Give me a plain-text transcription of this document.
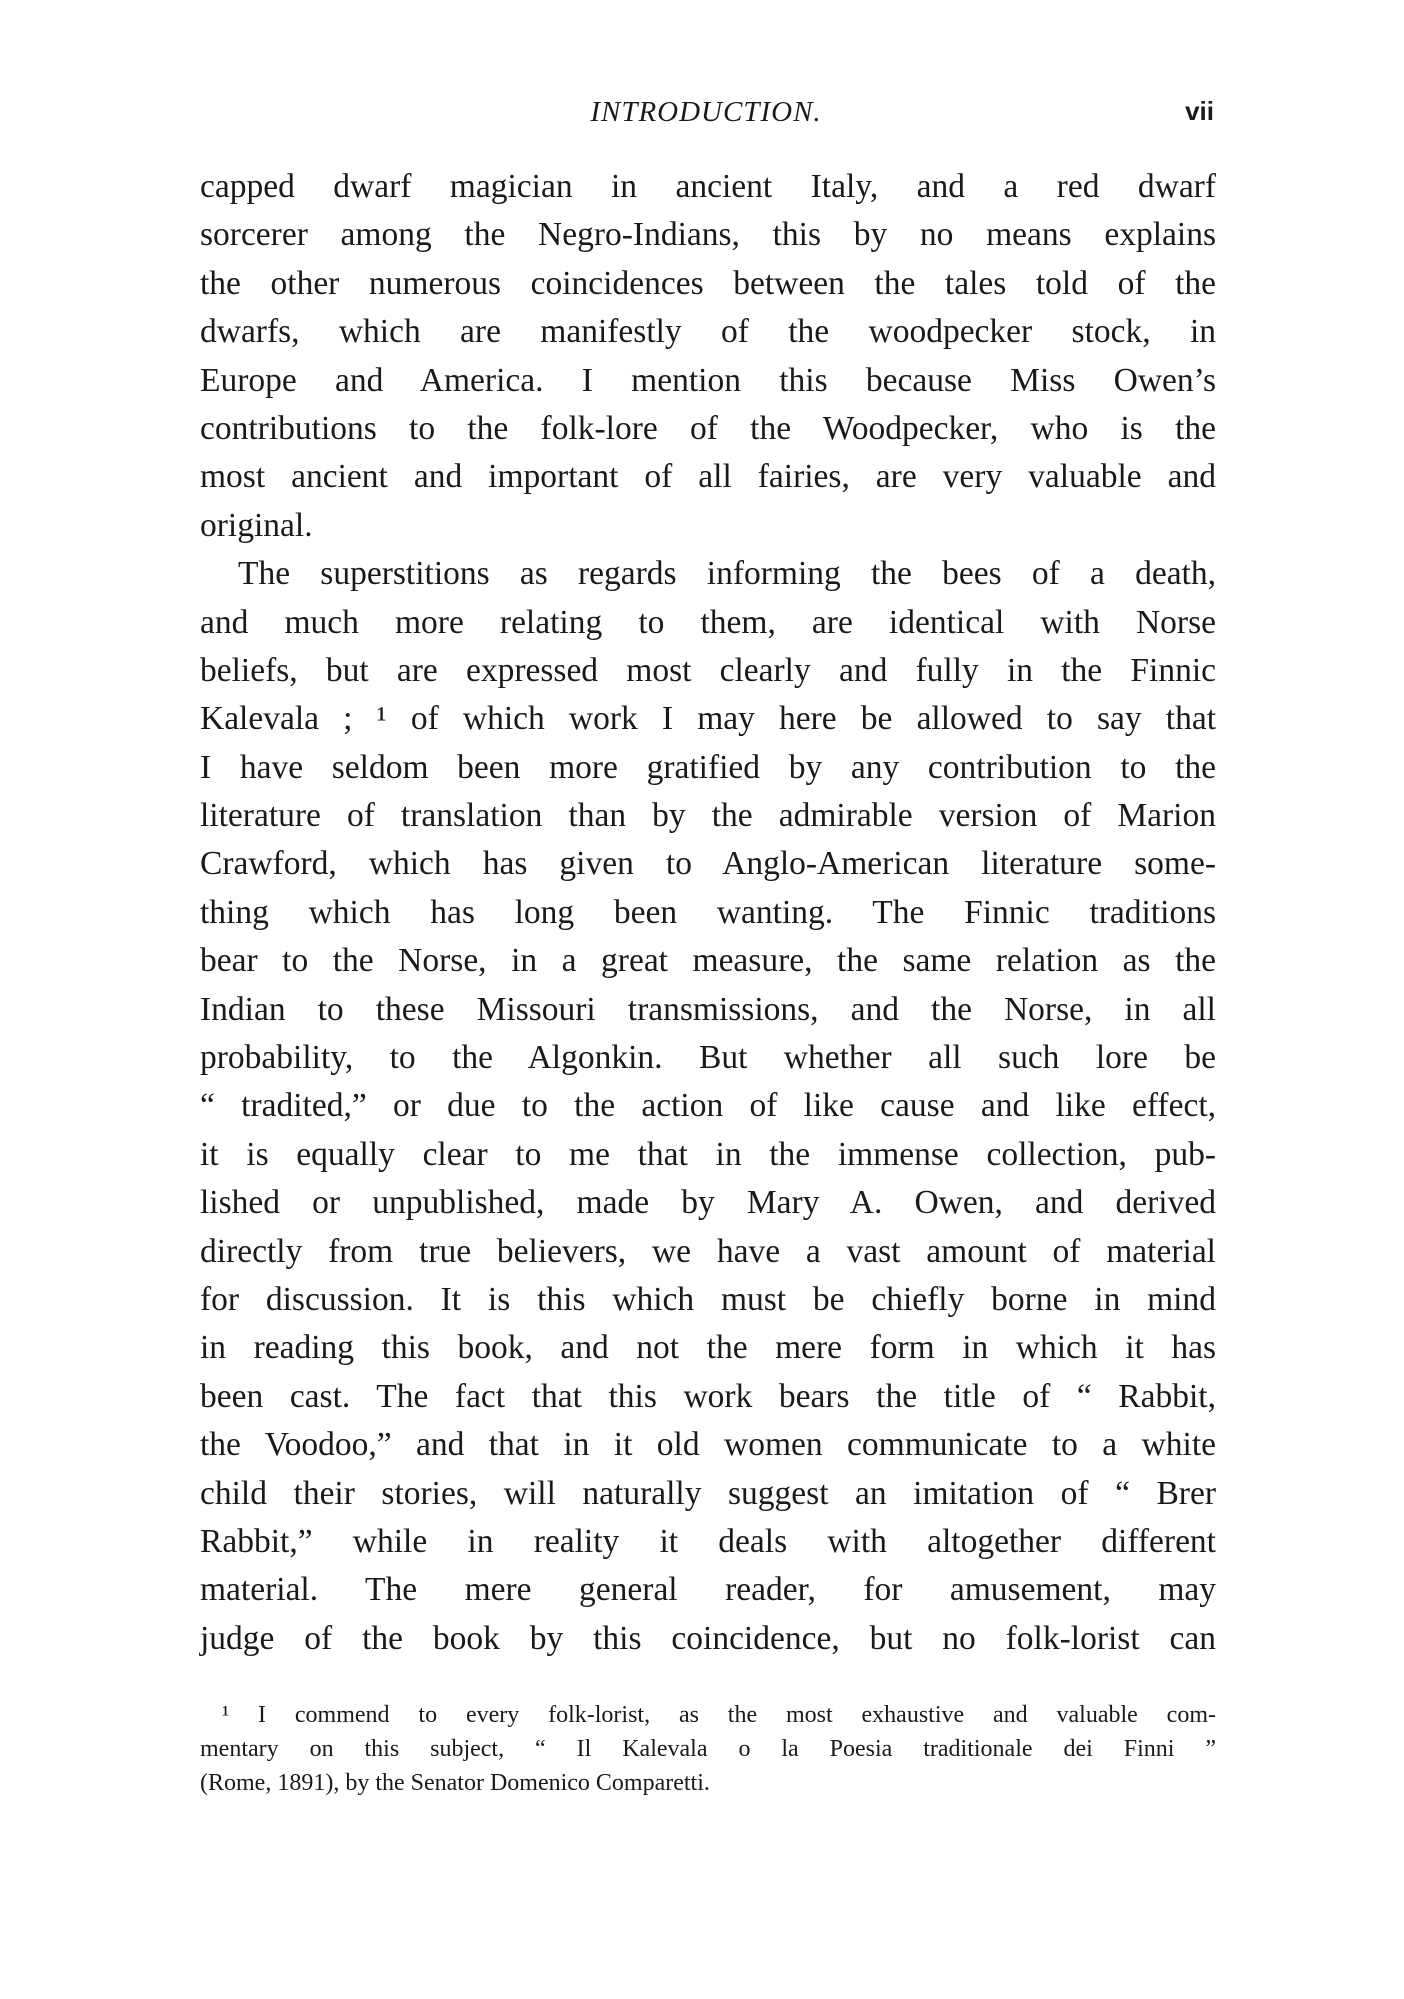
INTRODUCTION.	vii
capped dwarf magician in ancient Italy, and a red dwarf
sorcerer among the Negro-Indians, this by no means explains
the other numerous coincidences between the tales told of the
dwarfs, which are manifestly of the woodpecker stock, in
Europe and America. I mention this because Miss Owen’s
contributions to the folk-lore of the Woodpecker, who is the
most ancient and important of all fairies, are very valuable and
original.
The superstitions as regards informing the bees of a death,
and much more relating to them, are identical with Norse
beliefs, but are expressed most clearly and fully in the Finnic
Kalevala ; ¹ of which work I may here be allowed to say that
I have seldom been more gratified by any contribution to the
literature of translation than by the admirable version of Marion
Crawford, which has given to Anglo-American literature some-
thing which has long been wanting. The Finnic traditions
bear to the Norse, in a great measure, the same relation as the
Indian to these Missouri transmissions, and the Norse, in all
probability, to the Algonkin. But whether all such lore be
“ tradited,” or due to the action of like cause and like effect,
it is equally clear to me that in the immense collection, pub-
lished or unpublished, made by Mary A. Owen, and derived
directly from true believers, we have a vast amount of material
for discussion. It is this which must be chiefly borne in mind
in reading this book, and not the mere form in which it has
been cast. The fact that this work bears the title of “ Rabbit,
the Voodoo,” and that in it old women communicate to a white
child their stories, will naturally suggest an imitation of “ Brer
Rabbit,” while in reality it deals with altogether different
material. The mere general reader, for amusement, may
judge of the book by this coincidence, but no folk-lorist can
¹ I commend to every folk-lorist, as the most exhaustive and valuable com-
mentary on this subject, “ Il Kalevala o la Poesia traditionale dei Finni ”
(Rome, 1891), by the Senator Domenico Comparetti.
